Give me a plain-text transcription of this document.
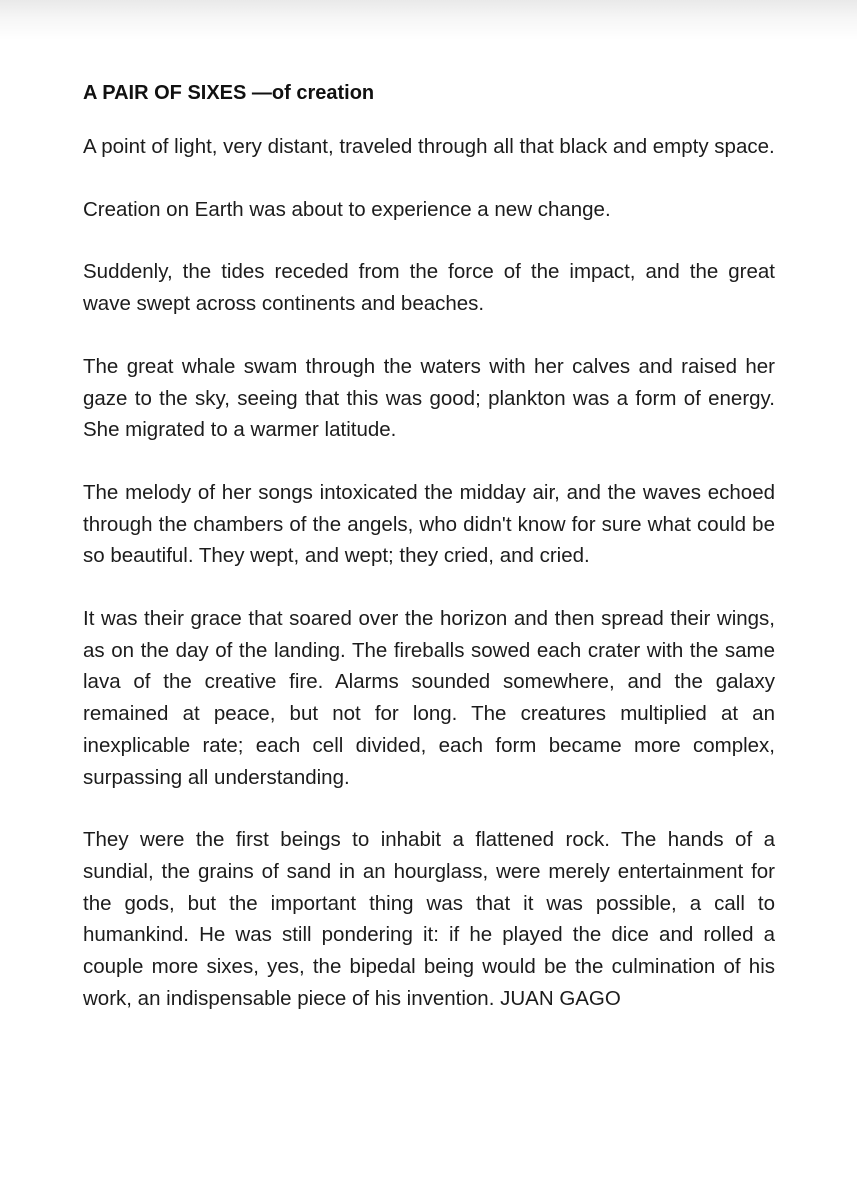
A PAIR OF SIXES —of creation

A point of light, very distant, traveled through all that black and empty space.

Creation on Earth was about to experience a new change.

Suddenly, the tides receded from the force of the impact, and the great wave swept across continents and beaches.

The great whale swam through the waters with her calves and raised her gaze to the sky, seeing that this was good; plankton was a form of energy. She migrated to a warmer latitude.

The melody of her songs intoxicated the midday air, and the waves echoed through the chambers of the angels, who didn't know for sure what could be so beautiful. They wept, and wept; they cried, and cried.

It was their grace that soared over the horizon and then spread their wings, as on the day of the landing. The fireballs sowed each crater with the same lava of the creative fire. Alarms sounded somewhere, and the galaxy remained at peace, but not for long. The creatures multiplied at an inexplicable rate; each cell divided, each form became more complex, surpassing all understanding.

They were the first beings to inhabit a flattened rock. The hands of a sundial, the grains of sand in an hourglass, were merely entertainment for the gods, but the important thing was that it was possible, a call to humankind. He was still pondering it: if he played the dice and rolled a couple more sixes, yes, the bipedal being would be the culmination of his work, an indispensable piece of his invention. JUAN GAGO
